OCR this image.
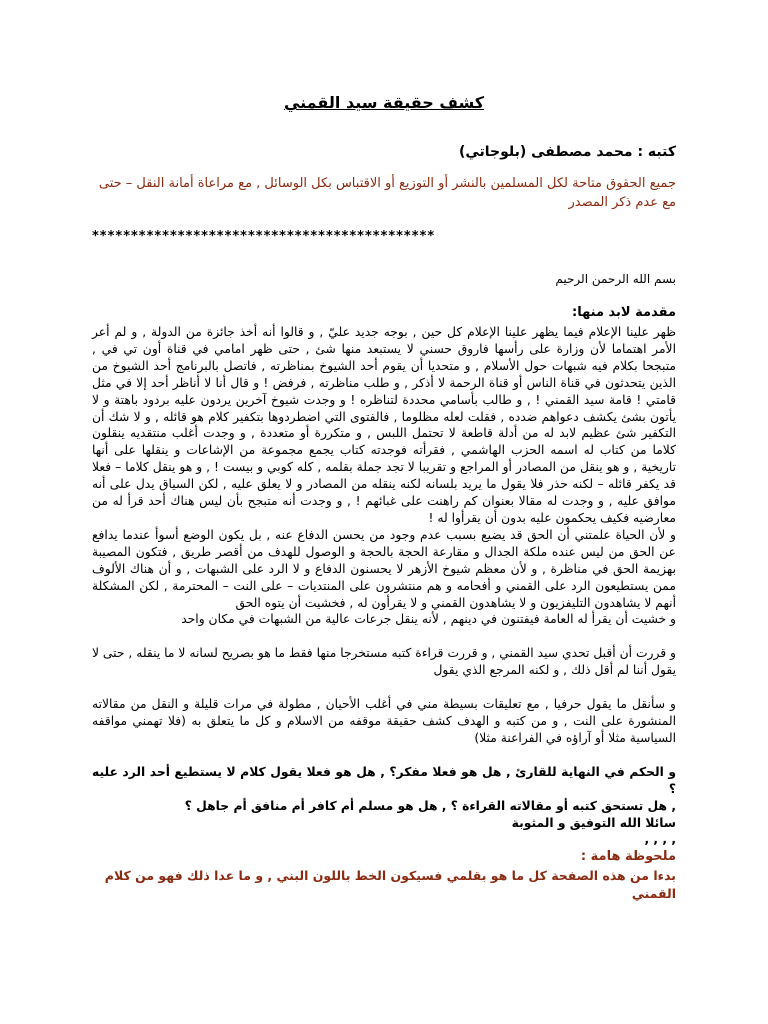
كشف حقيقة سيد القمني

كتبه : محمد مصطفى (بلوجاتي)

جميع الحقوق متاحة لكل المسلمين بالنشر أو التوزيع أو الاقتباس بكل الوسائل , مع مراعاة أمانة النقل – حتى مع عدم ذكر المصدر

********************************************

بسم الله الرحمن الرحيم

مقدمة لابد منها:

ظهر علينا الإعلام فيما يظهر علينا الإعلام كل حين , بوجه جديد عليّ , و قالوا أنه أخذ جائزة من الدولة , و لم أعر الأمر اهتماما لأن وزارة على رأسها فاروق حسني لا يستبعد منها شئ , حتى ظهر امامي في قناة أون تي في , متبجحا بكلام فيه شبهات حول الأسلام , و متحديا أن يقوم أحد الشيوخ بمناظرته , فاتصل بالبرنامج أحد الشيوخ من الذين يتحدثون في قناة الناس أو قناة الرحمة لا أذكر , و طلب مناظرته , فرفض ! و قال أنا لا أناظر أحد إلا في مثل قامتي ! قامة سيد القمني ! , و طالب بأسامي محددة لتناظره ! و وجدت شيوخ آخرين يردون عليه بردود باهتة و لا يأتون بشئ يكشف دعواهم ضدده , فقلت لعله مظلوما , فالفتوى التي اضطردوها بتكفير كلام هو قائله , و لا شك أن التكفير شئ عظيم لابد له من أدلة قاطعة لا تحتمل اللبس , و متكررة أو متعددة , و وجدت أغلب منتقديه ينقلون كلاما من كتاب له اسمه الحزب الهاشمي , فقرأته فوجدته كتاب يجمع مجموعة من الإشاعات و ينقلها على أنها تاريخية , و هو ينقل من المصادر أو المراجع و تقريبا لا تجد جملة بقلمه , كله كوبي و بيست ! , و هو ينقل كلاما – فعلا قد يكفر قائله – لكنه حذر فلا يقول ما يريد بلسانه لكنه ينقله من المصادر و لا يعلق عليه , لكن السياق يدل على أنه موافق عليه , و وجدت له مقالا بعنوان كم راهنت على غبائهم ! , و وجدت أنه متبجح بأن ليس هناك أحد قرأ له من معارضيه فكيف يحكمون عليه بدون أن يقرأوا له !

و لأن الحياة علمتني أن الحق قد يضيع بسبب عدم وجود من يحسن الدفاع عنه , بل يكون الوضع أسوأ عندما يدافع عن الحق من ليس عنده ملكة الجدال و مقارعة الحجة بالحجة و الوصول للهدف من أقصر طريق , فتكون المصيبة بهزيمة الحق في مناظرة , و لأن معظم شيوخ الأزهر لا يحسنون الدفاع و لا الرد على الشبهات , و أن هناك الألوف ممن يستطيعون الرد على القمني و أفحامه و هم منتشرون على المنتديات – على النت – المحترمة , لكن المشكلة أنهم لا يشاهدون التليفزيون و لا يشاهدون القمني و لا يقرأون له , فخشيت أن يتوه الحق

و خشيت أن يقرأ له العامة فيفتنون في دينهم , لأنه ينقل جرعات عالية من الشبهات في مكان واحد

و قررت أن أقبل تحدي سيد القمني , و قررت قراءة كتبه مستخرجا منها فقط ما هو بصريح لسانه لا ما ينقله , حتى لا يقول أننا لم أقل ذلك , و لكنه المرجع الذي يقول

و سأنقل ما يقول حرفيا , مع تعليقات بسيطة مني في أغلب الأحيان , مطولة في مرات قليلة و النقل من مقالاته المنشورة على النت , و من كتبه و الهدف كشف حقيقة موقفه من الاسلام و كل ما يتعلق به (فلا تهمني مواقفه السياسية مثلا أو آراؤه في الفراعنة مثلا)

و الحكم في النهاية للقارئ , هل هو فعلا مفكر؟ , هل هو فعلا يقول كلام لا يستطيع أحد الرد عليه ؟

, هل تستحق كتبه أو مقالاته القراءة ؟ , هل هو مسلم أم كافر أم منافق أم جاهل ؟

سائلا الله التوفيق و المثوبة

, , , ,

ملحوظة هامة :

بدءا من هذه الصفحة كل ما هو بقلمي فسيكون الخط باللون البني , و ما عدا ذلك فهو من كلام القمني
